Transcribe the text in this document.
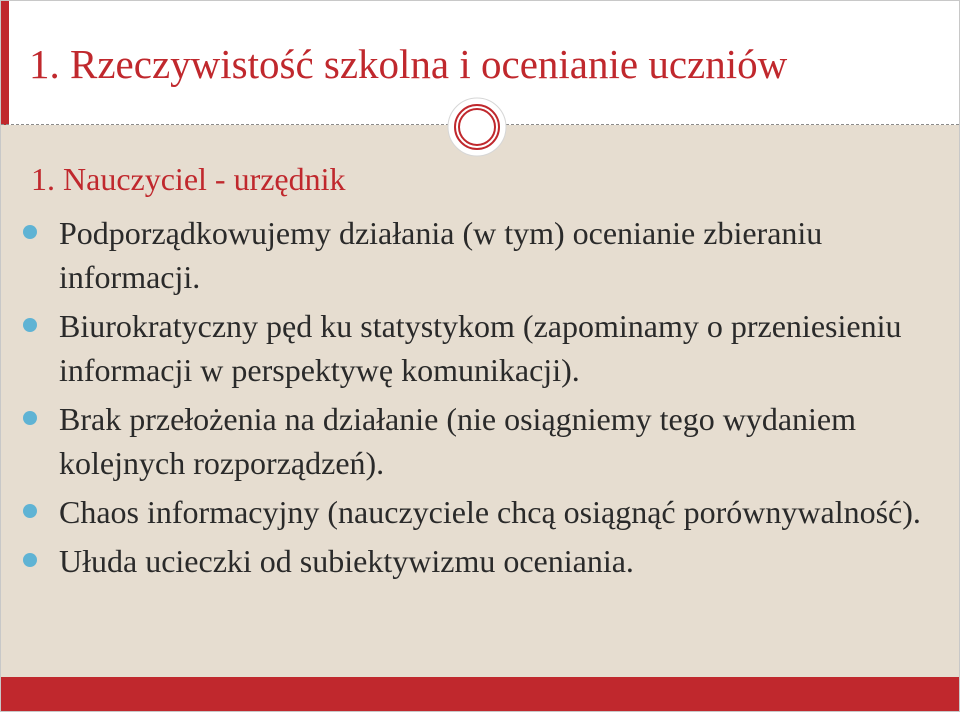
1. Rzeczywistość szkolna i ocenianie uczniów
1. Nauczyciel - urzędnik
Podporządkowujemy działania (w tym) ocenianie zbieraniu informacji.
Biurokratyczny pęd ku statystykom (zapominamy o przeniesieniu informacji w perspektywę komunikacji).
Brak przełożenia na działanie (nie osiągniemy tego wydaniem kolejnych rozporządzeń).
Chaos informacyjny (nauczyciele chcą osiągnąć porównywalność).
Ułuda ucieczki od subiektywizmu oceniania.
